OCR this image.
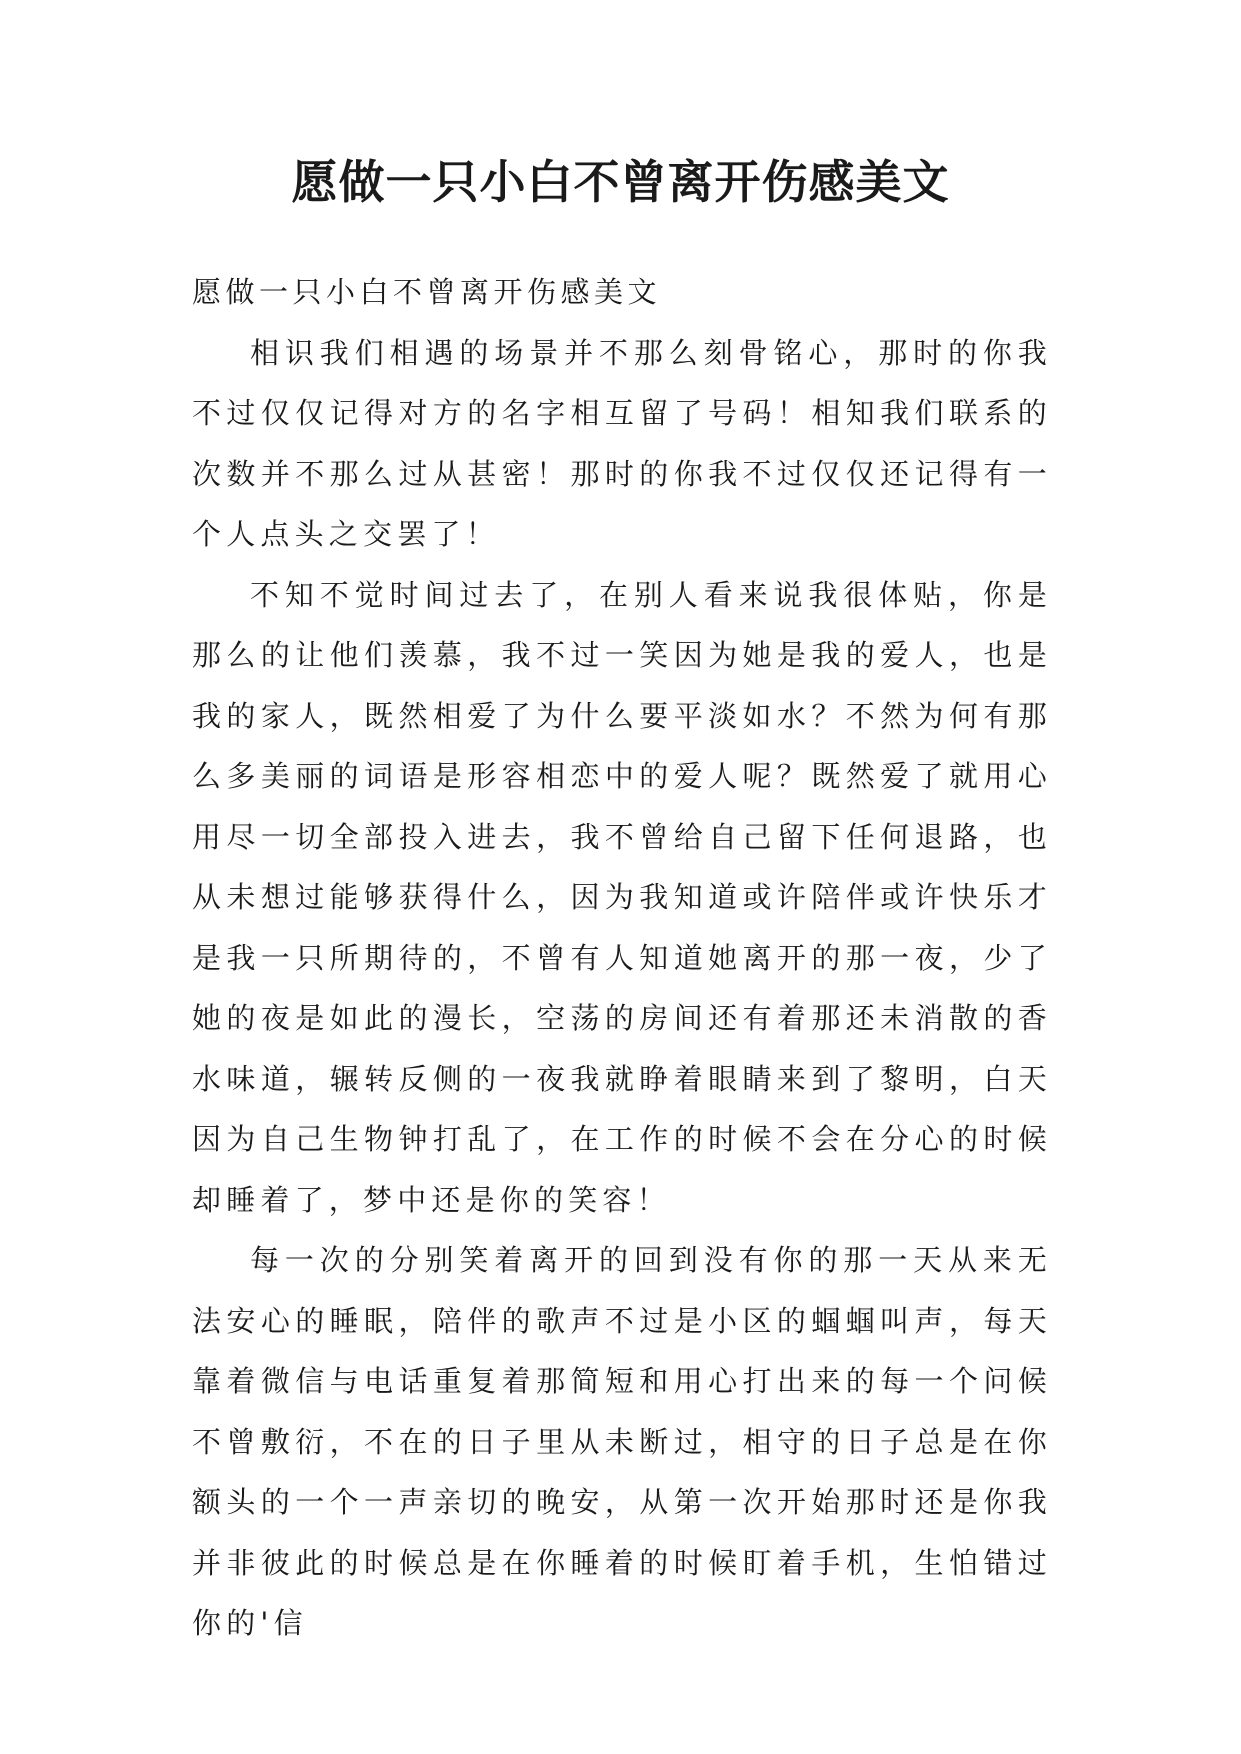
愿做一只小白不曾离开伤感美文

愿做一只小白不曾离开伤感美文

相识我们相遇的场景并不那么刻骨铭心，那时的你我不过仅仅记得对方的名字相互留了号码！相知我们联系的次数并不那么过从甚密！那时的你我不过仅仅还记得有一个人点头之交罢了！

不知不觉时间过去了，在别人看来说我很体贴，你是那么的让他们羡慕，我不过一笑因为她是我的爱人，也是我的家人，既然相爱了为什么要平淡如水？不然为何有那么多美丽的词语是形容相恋中的爱人呢？既然爱了就用心用尽一切全部投入进去，我不曾给自己留下任何退路，也从未想过能够获得什么，因为我知道或许陪伴或许快乐才是我一只所期待的，不曾有人知道她离开的那一夜，少了她的夜是如此的漫长，空荡的房间还有着那还未消散的香水味道，辗转反侧的一夜我就睁着眼睛来到了黎明，白天因为自己生物钟打乱了，在工作的时候不会在分心的时候却睡着了，梦中还是你的笑容！

每一次的分别笑着离开的回到没有你的那一天从来无法安心的睡眠，陪伴的歌声不过是小区的蝈蝈叫声，每天靠着微信与电话重复着那简短和用心打出来的每一个问候不曾敷衍，不在的日子里从未断过，相守的日子总是在你额头的一个一声亲切的晚安，从第一次开始那时还是你我并非彼此的时候总是在你睡着的时候盯着手机，生怕错过你的'信
